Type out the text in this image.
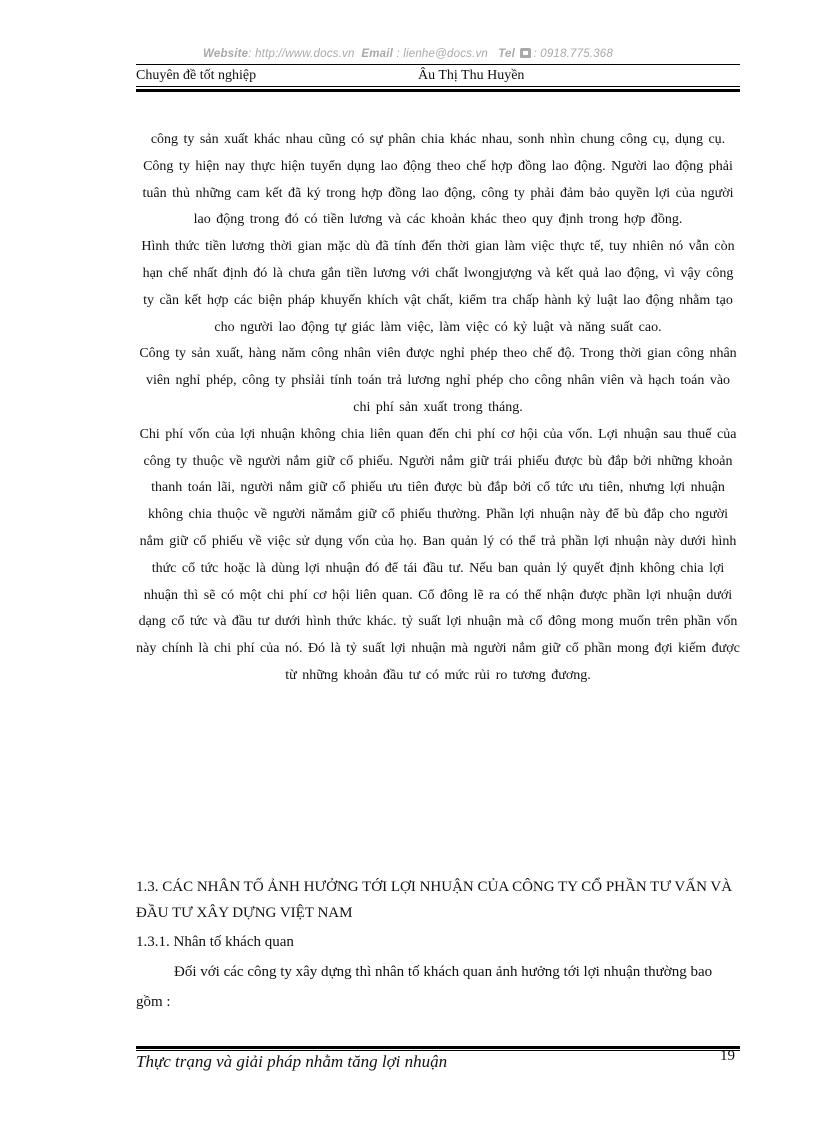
Website: http://www.docs.vn Email : lienhe@docs.vn Tel : 0918.775.368
Chuyên đề tốt nghiệp	Âu Thị Thu Huyền

công ty sản xuất khác nhau cũng có sự phân chia khác nhau, sonh nhìn chung công cụ, dụng cụ.

Công ty hiện nay thực hiện tuyển dụng lao động theo chế hợp đồng lao động. Người lao động phải tuân thủ những cam kết đã ký trong hợp đồng lao động, công ty phải đảm bảo quyền lợi của người lao động trong đó có tiền lương và các khoản khác theo quy định trong hợp đồng.

Hình thức tiền lương thời gian mặc dù đã tính đến thời gian làm việc thực tế, tuy nhiên nó vẫn còn hạn chế nhất định đó là chưa gắn tiền lương với chất lwongjượng và kết quả lao động, vì vậy công ty cần kết hợp các biện pháp khuyến khích vật chất, kiểm tra chấp hành kỷ luật lao động nhằm tạo cho người lao động tự giác làm việc, làm việc có kỷ luật và năng suất cao.

Công ty sản xuất, hàng năm công nhân viên được nghỉ phép theo chế độ. Trong thời gian công nhân viên nghỉ phép, công ty phsỉải tính toán trả lương nghỉ phép cho công nhân viên và hạch toán vào chi phí sản xuất trong tháng.

Chi phí vốn của lợi nhuận không chia liên quan đến chi phí cơ hội của vốn. Lợi nhuận sau thuế của công ty thuộc về người nắm giữ cổ phiếu. Người nắm giữ trái phiếu được bù đắp bởi những khoản thanh toán lãi, người nắm giữ cổ phiếu ưu tiên được bù đắp bởi cổ tức ưu tiên, nhưng lợi nhuận không chia thuộc về người nămắm giữ cổ phiếu thường. Phần lợi nhuận này để bù đắp cho người nắm giữ cổ phiếu về việc sử dụng vốn của họ. Ban quản lý có thể trả phần lợi nhuận này dưới hình thức cổ tức hoặc là dùng lợi nhuận đó để tái đầu tư. Nếu ban quản lý quyết định không chia lợi nhuận thì sẽ có một chi phí cơ hội liên quan. Cổ đông lẽ ra có thể nhận được phần lợi nhuận dưới dạng cổ tức và đầu tư dưới hình thức khác. tỷ suất lợi nhuận mà cổ đông mong muốn trên phần vốn này chính là chi phí của nó. Đó là tỷ suất lợi nhuận mà người nắm giữ cổ phần mong đợi kiếm được từ những khoản đầu tư có mức rủi ro tương đương.

1.3. CÁC NHÂN TỐ ẢNH HƯỞNG TỚI LỢI NHUẬN CỦA CÔNG TY CỔ PHẦN TƯ VẤN VÀ ĐẦU TƯ XÂY DỰNG VIỆT NAM
1.3.1. Nhân tố khách quan
Đối với các công ty xây dựng thì nhân tố khách quan ảnh hưởng tới lợi nhuận thường bao gồm :
Thực trạng và giải pháp nhằm tăng lợi nhuận	19
